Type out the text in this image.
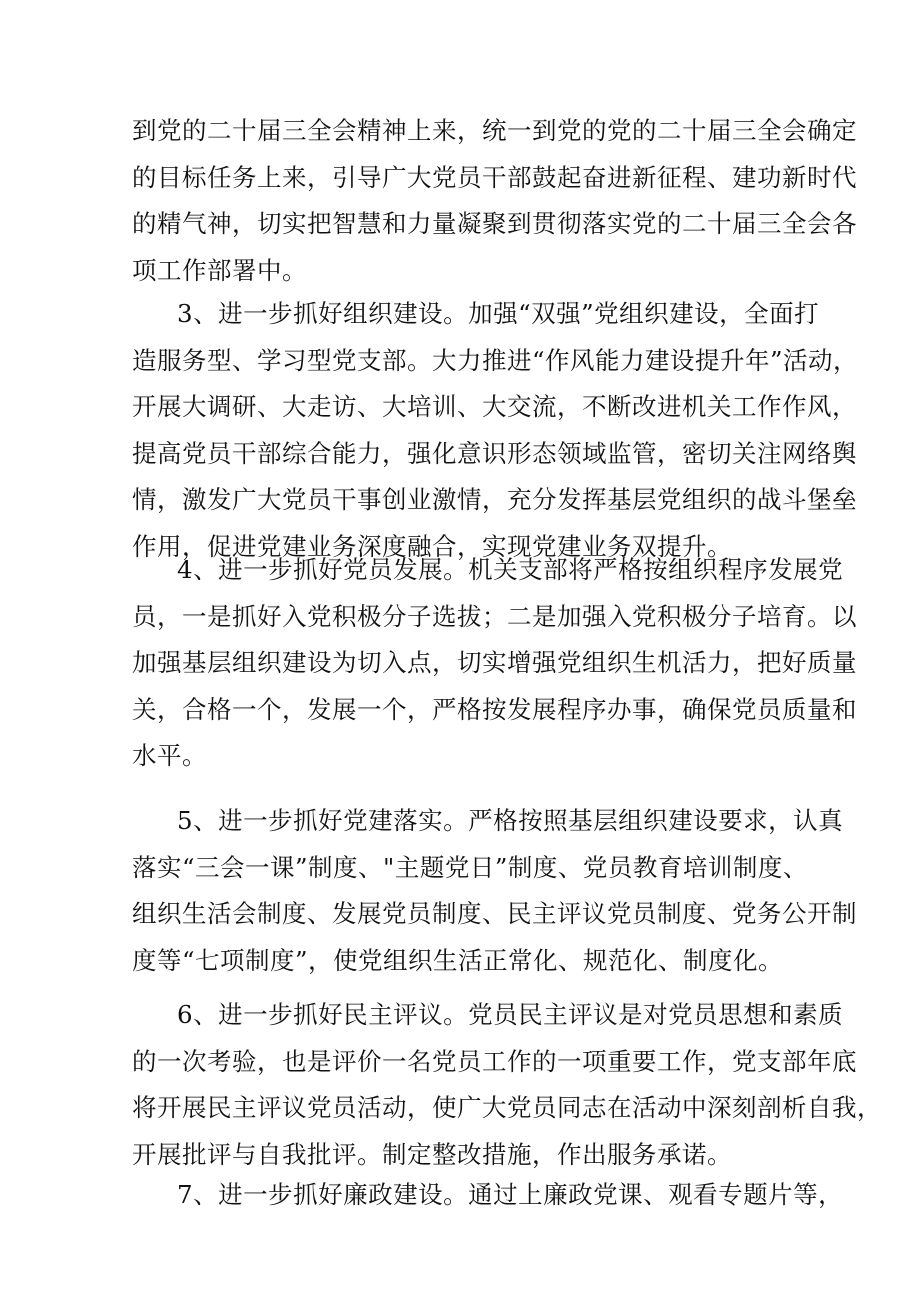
到党的二十届三全会精神上来，统一到党的党的二十届三全会确定
的目标任务上来，引导广大党员干部鼓起奋进新征程、建功新时代
的精气神，切实把智慧和力量凝聚到贯彻落实党的二十届三全会各
项工作部署中。
3、进一步抓好组织建设。加强“双强”党组织建设，全面打
造服务型、学习型党支部。大力推进“作风能力建设提升年”活动，
开展大调研、大走访、大培训、大交流，不断改进机关工作作风，
提高党员干部综合能力，强化意识形态领域监管，密切关注网络舆
情，激发广大党员干事创业激情，充分发挥基层党组织的战斗堡垒
作用，促进党建业务深度融合，实现党建业务双提升。
4、进一步抓好党员发展。机关支部将严格按组织程序发展党
员，一是抓好入党积极分子选拔；二是加强入党积极分子培育。以
加强基层组织建设为切入点，切实增强党组织生机活力，把好质量
关，合格一个，发展一个，严格按发展程序办事，确保党员质量和
水平。
5、进一步抓好党建落实。严格按照基层组织建设要求，认真
落实“三会一课”制度、"主题党日”制度、党员教育培训制度、
组织生活会制度、发展党员制度、民主评议党员制度、党务公开制
度等“七项制度”，使党组织生活正常化、规范化、制度化。
6、进一步抓好民主评议。党员民主评议是对党员思想和素质
的一次考验，也是评价一名党员工作的一项重要工作，党支部年底
将开展民主评议党员活动，使广大党员同志在活动中深刻剖析自我，
开展批评与自我批评。制定整改措施，作出服务承诺。
7、进一步抓好廉政建设。通过上廉政党课、观看专题片等，
